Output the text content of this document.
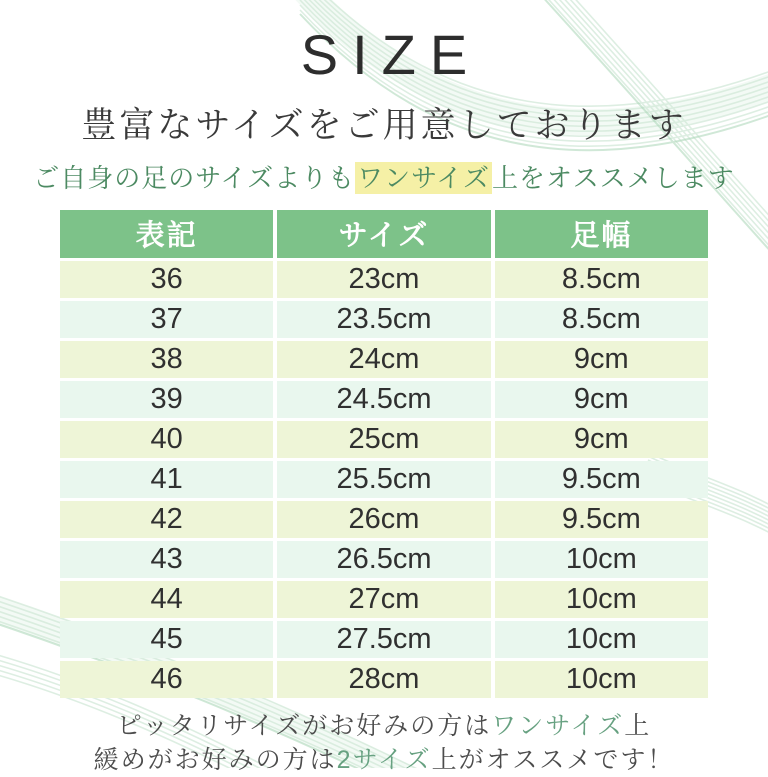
SIZE
豊富なサイズをご用意しております
ご自身の足のサイズよりもワンサイズ上をオススメします
表記	サイズ	足幅
36	23cm	8.5cm
37	23.5cm	8.5cm
38	24cm	9cm
39	24.5cm	9cm
40	25cm	9cm
41	25.5cm	9.5cm
42	26cm	9.5cm
43	26.5cm	10cm
44	27cm	10cm
45	27.5cm	10cm
46	28cm	10cm
ピッタリサイズがお好みの方はワンサイズ上
緩めがお好みの方は2サイズ上がオススメです！
